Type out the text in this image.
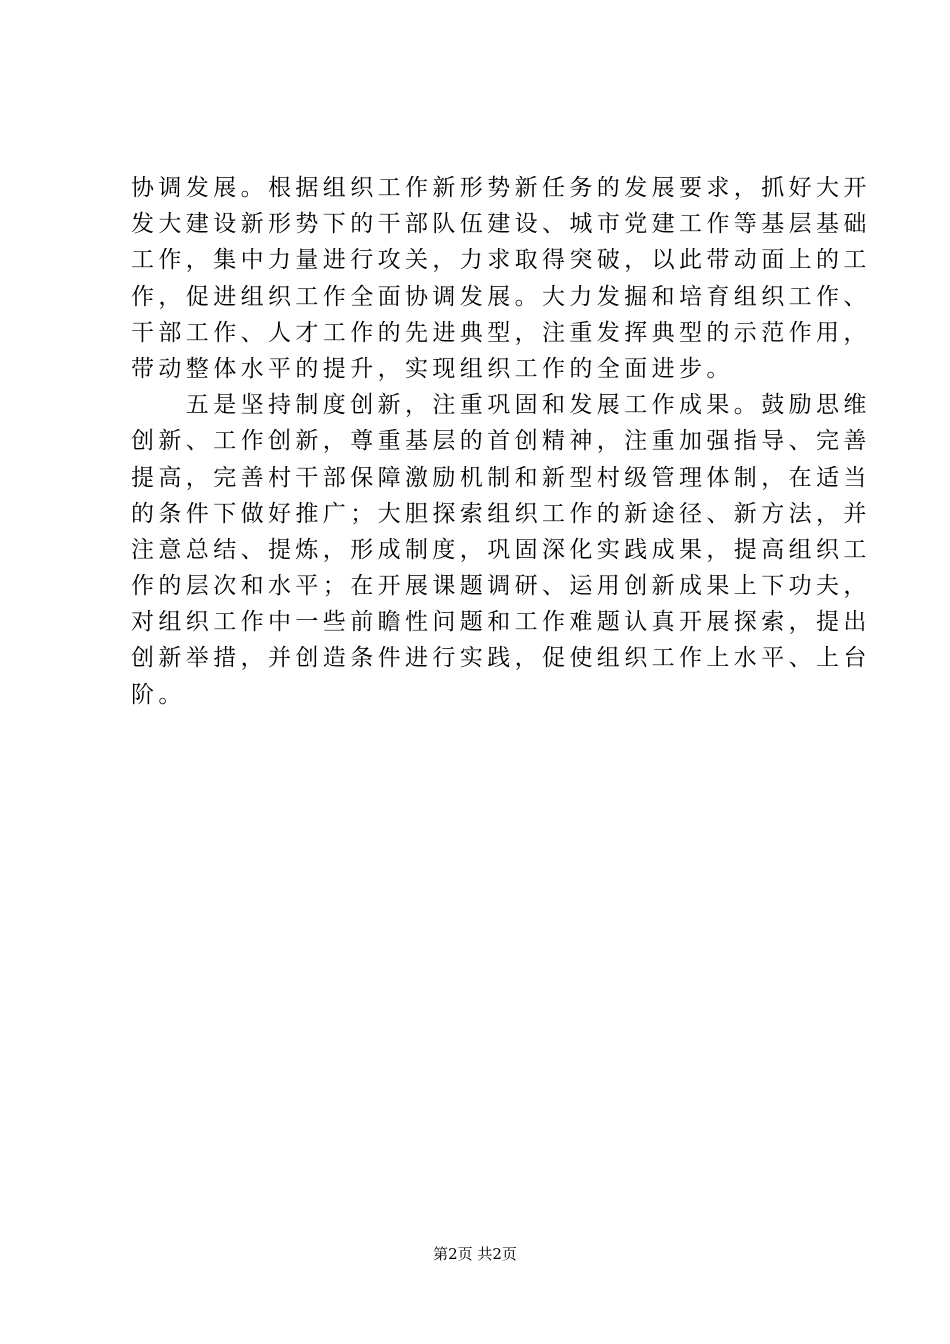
协调发展。根据组织工作新形势新任务的发展要求，抓好大开
发大建设新形势下的干部队伍建设、城市党建工作等基层基础
工作，集中力量进行攻关，力求取得突破，以此带动面上的工
作，促进组织工作全面协调发展。大力发掘和培育组织工作、
干部工作、人才工作的先进典型，注重发挥典型的示范作用，
带动整体水平的提升，实现组织工作的全面进步。
　　五是坚持制度创新，注重巩固和发展工作成果。鼓励思维
创新、工作创新，尊重基层的首创精神，注重加强指导、完善
提高，完善村干部保障激励机制和新型村级管理体制，在适当
的条件下做好推广；大胆探索组织工作的新途径、新方法，并
注意总结、提炼，形成制度，巩固深化实践成果，提高组织工
作的层次和水平；在开展课题调研、运用创新成果上下功夫，
对组织工作中一些前瞻性问题和工作难题认真开展探索，提出
创新举措，并创造条件进行实践，促使组织工作上水平、上台
阶。
第2页 共2页
